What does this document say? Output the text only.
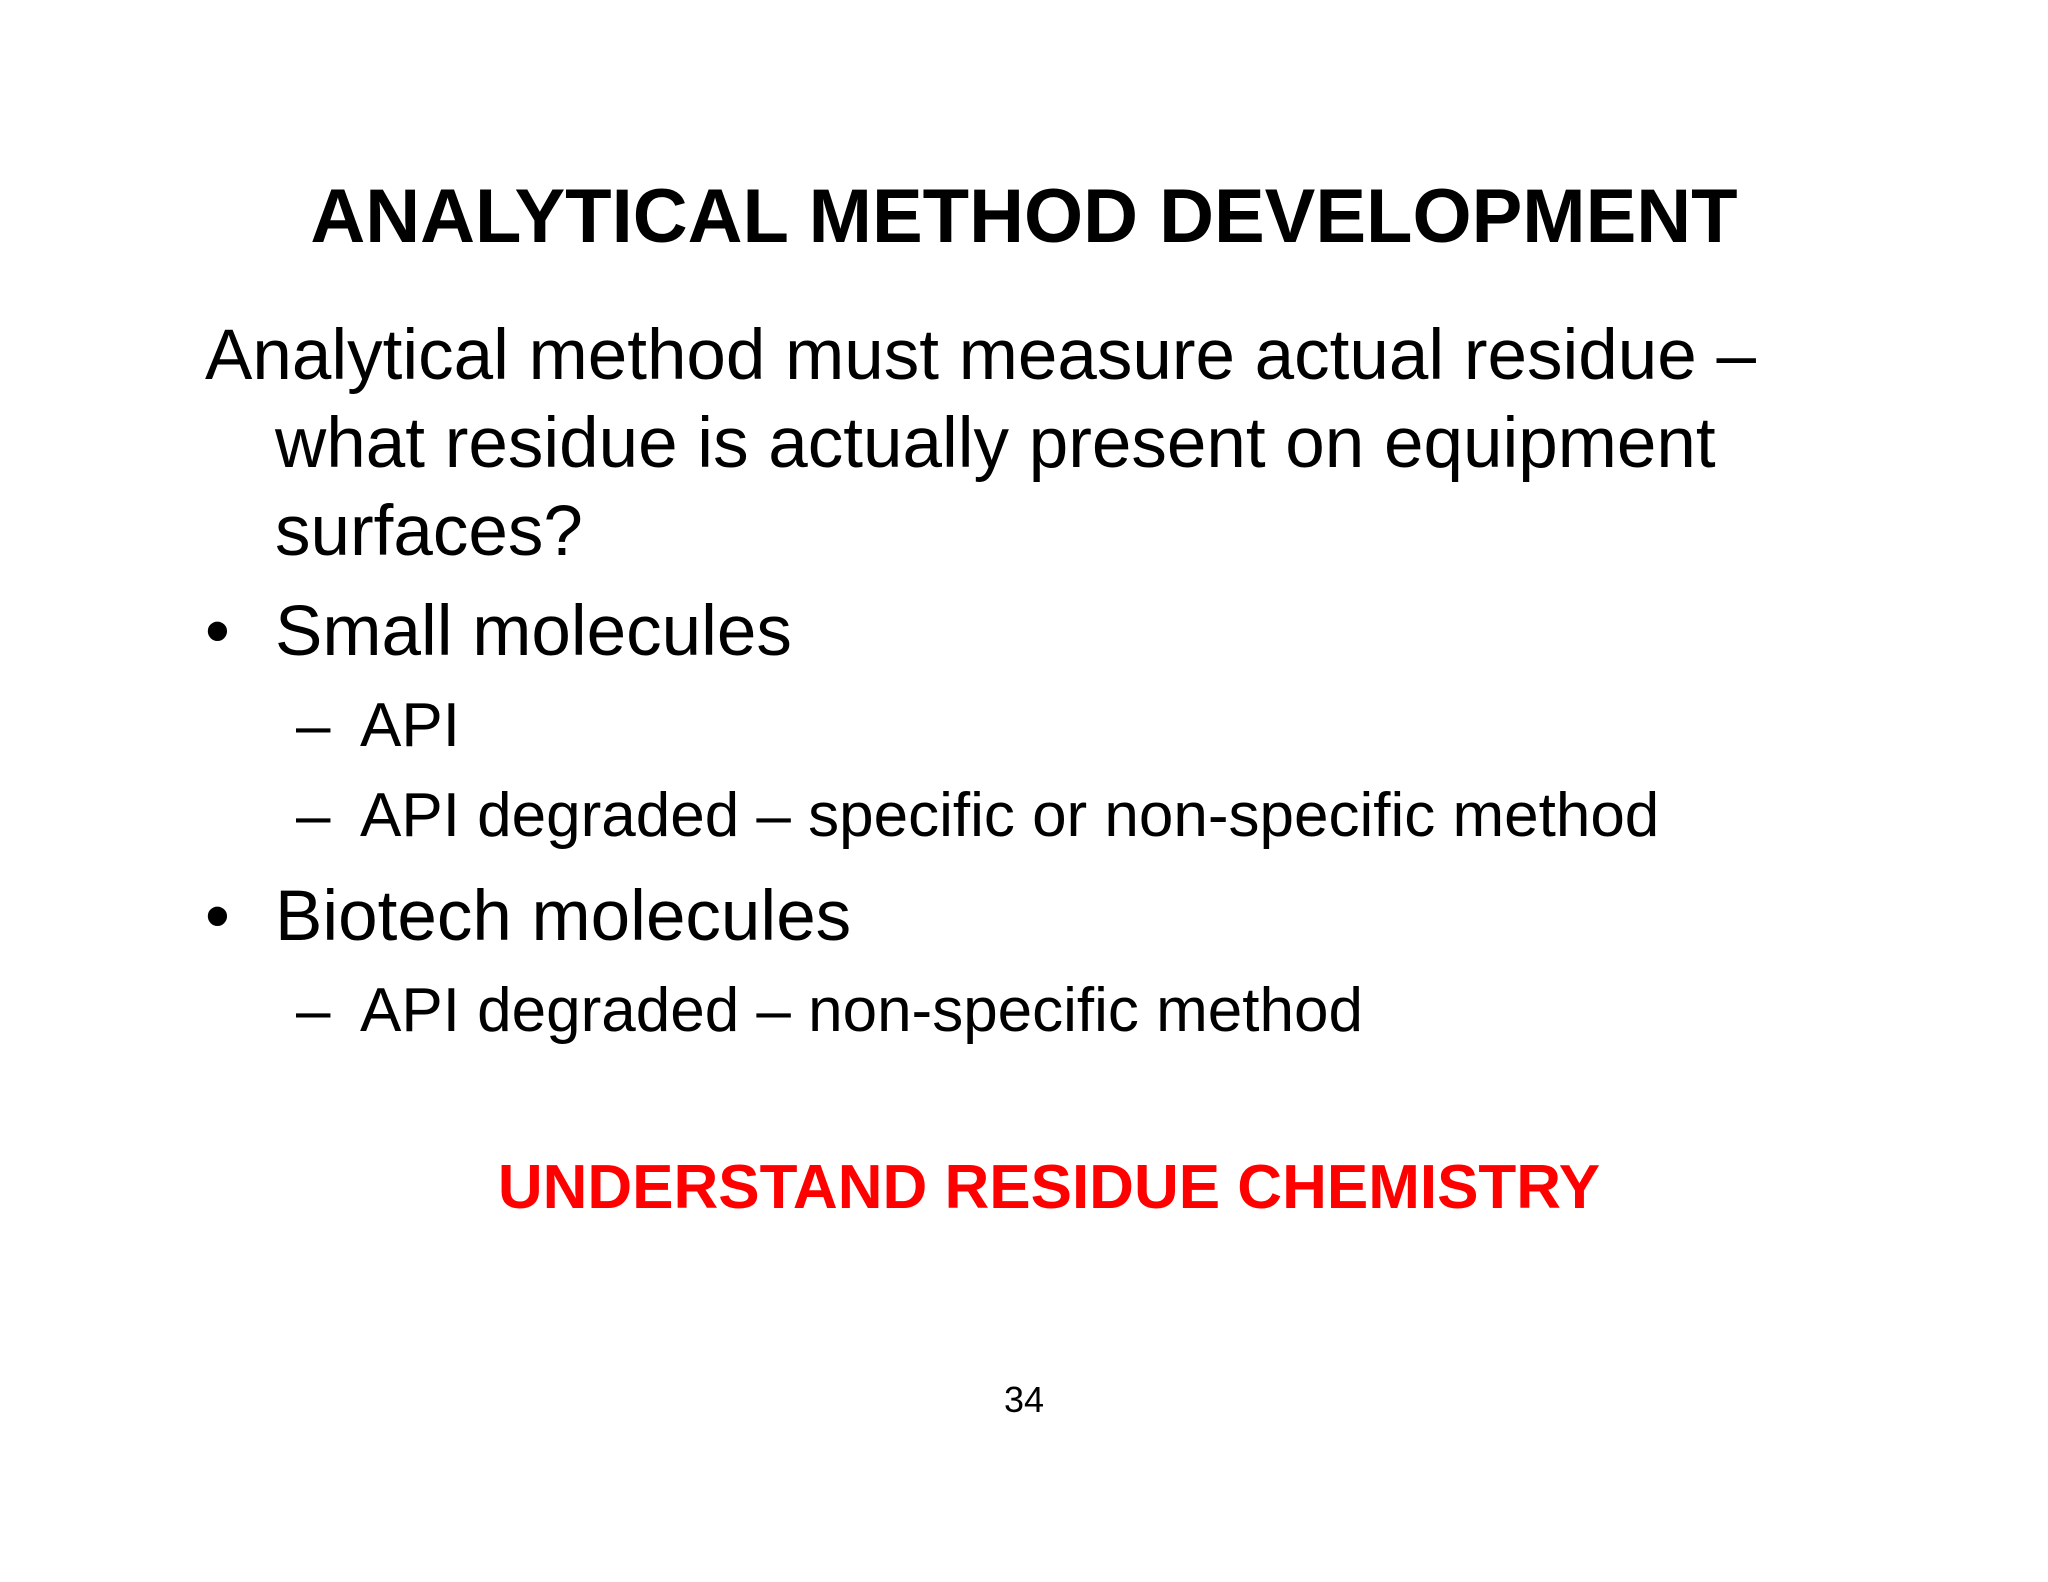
ANALYTICAL METHOD DEVELOPMENT
Analytical method must measure actual residue –
what residue is actually present on equipment
surfaces?
• Small molecules
– API
– API degraded – specific or non-specific method
• Biotech molecules
– API degraded – non-specific method
UNDERSTAND RESIDUE CHEMISTRY
34
